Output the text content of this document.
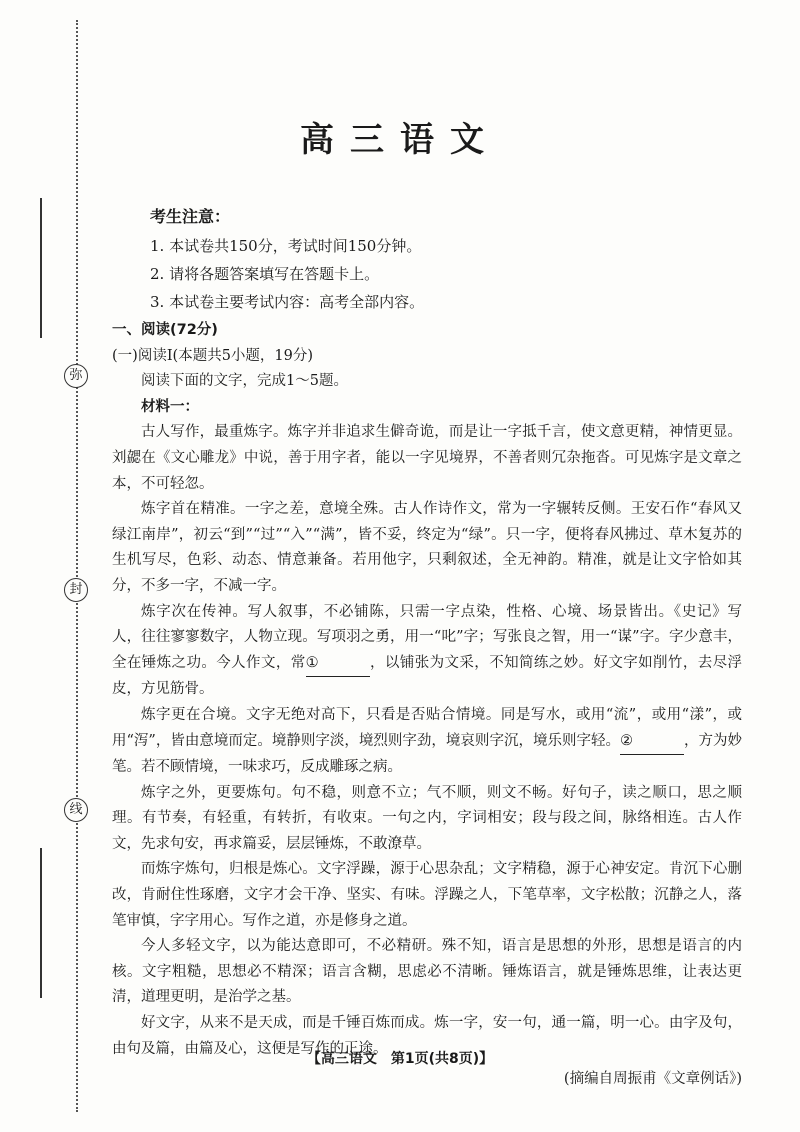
弥
封
线
高三语文
考生注意：
1. 本试卷共150分，考试时间150分钟。
2. 请将各题答案填写在答题卡上。
3. 本试卷主要考试内容：高考全部内容。
一、阅读(72分)
(一)阅读Ⅰ(本题共5小题，19分)
阅读下面的文字，完成1～5题。
材料一：

古人写作，最重炼字。炼字并非追求生僻奇诡，而是让一字抵千言，使文意更精，神情更显。刘勰在《文心雕龙》中说，善于用字者，能以一字见境界，不善者则冗杂拖沓。可见炼字是文章之本，不可轻忽。

炼字首在精准。一字之差，意境全殊。古人作诗作文，常为一字辗转反侧。王安石作“春风又绿江南岸”，初云“到”“过”“入”“满”，皆不妥，终定为“绿”。只一字，便将春风拂过、草木复苏的生机写尽，色彩、动态、情意兼备。若用他字，只剩叙述，全无神韵。精准，就是让文字恰如其分，不多一字，不减一字。

炼字次在传神。写人叙事，不必铺陈，只需一字点染，性格、心境、场景皆出。《史记》写人，往往寥寥数字，人物立现。写项羽之勇，用一“叱”字；写张良之智，用一“谋”字。字少意丰，全在锤炼之功。今人作文，常①	，以铺张为文采，不知简练之妙。好文字如削竹，去尽浮皮，方见筋骨。

炼字更在合境。文字无绝对高下，只看是否贴合情境。同是写水，或用“流”，或用“漾”，或用“泻”，皆由意境而定。境静则字淡，境烈则字劲，境哀则字沉，境乐则字轻。②	，方为妙笔。若不顾情境，一味求巧，反成雕琢之病。

炼字之外，更要炼句。句不稳，则意不立；气不顺，则文不畅。好句子，读之顺口，思之顺理。有节奏，有轻重，有转折，有收束。一句之内，字词相安；段与段之间，脉络相连。古人作文，先求句安，再求篇妥，层层锤炼，不敢潦草。

而炼字炼句，归根是炼心。文字浮躁，源于心思杂乱；文字精稳，源于心神安定。肯沉下心删改，肯耐住性琢磨，文字才会干净、坚实、有味。浮躁之人，下笔草率，文字松散；沉静之人，落笔审慎，字字用心。写作之道，亦是修身之道。

今人多轻文字，以为能达意即可，不必精研。殊不知，语言是思想的外形，思想是语言的内核。文字粗糙，思想必不精深；语言含糊，思虑必不清晰。锤炼语言，就是锤炼思维，让表达更清，道理更明，是治学之基。

好文字，从来不是天成，而是千锤百炼而成。炼一字，安一句，通一篇，明一心。由字及句，由句及篇，由篇及心，这便是写作的正途。

(摘编自周振甫《文章例话》)
【高三语文　第1页(共8页)】
